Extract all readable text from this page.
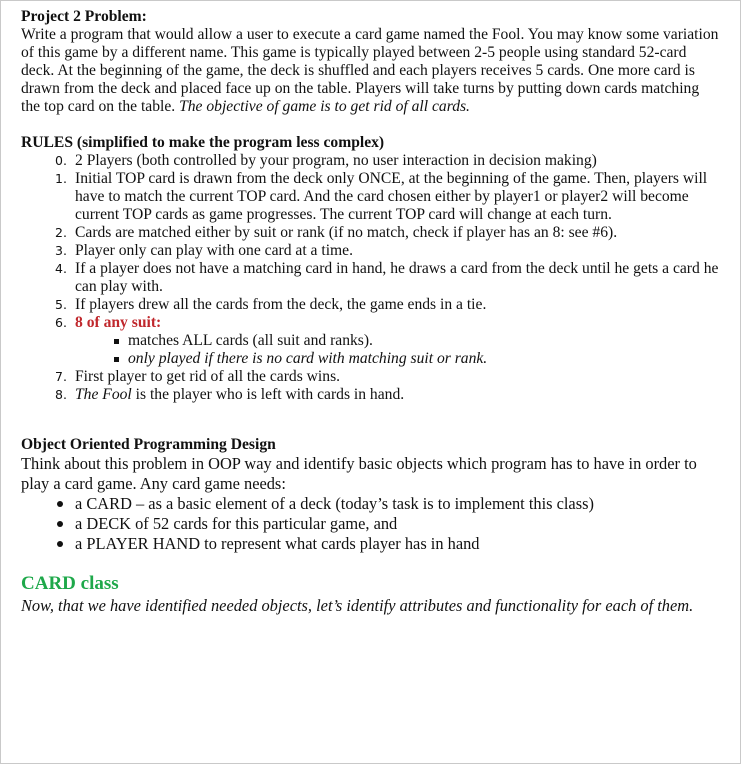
Project 2 Problem:

Write a program that would allow a user to execute a card game named the Fool. You may know some variation of this game by a different name. This game is typically played between 2-5 people using standard 52-card deck. At the beginning of the game, the deck is shuffled and each players receives 5 cards. One more card is drawn from the deck and placed face up on the table. Players will take turns by putting down cards matching the top card on the table. The objective of game is to get rid of all cards.

RULES (simplified to make the program less complex)

0. 2 Players (both controlled by your program, no user interaction in decision making)
1. Initial TOP card is drawn from the deck only ONCE, at the beginning of the game. Then, players will have to match the current TOP card. And the card chosen either by player1 or player2 will become current TOP cards as game progresses. The current TOP card will change at each turn.
2. Cards are matched either by suit or rank (if no match, check if player has an 8: see #6).
3. Player only can play with one card at a time.
4. If a player does not have a matching card in hand, he draws a card from the deck until he gets a card he can play with.
5. If players drew all the cards from the deck, the game ends in a tie.
6. 8 of any suit:
matches ALL cards (all suit and ranks).
only played if there is no card with matching suit or rank.
7. First player to get rid of all the cards wins.
8. The Fool is the player who is left with cards in hand.

Object Oriented Programming Design

Think about this problem in OOP way and identify basic objects which program has to have in order to play a card game. Any card game needs:

a CARD – as a basic element of a deck (today’s task is to implement this class)
a DECK of 52 cards for this particular game, and
a PLAYER HAND to represent what cards player has in hand

CARD class

Now, that we have identified needed objects, let’s identify attributes and functionality for each of them.
